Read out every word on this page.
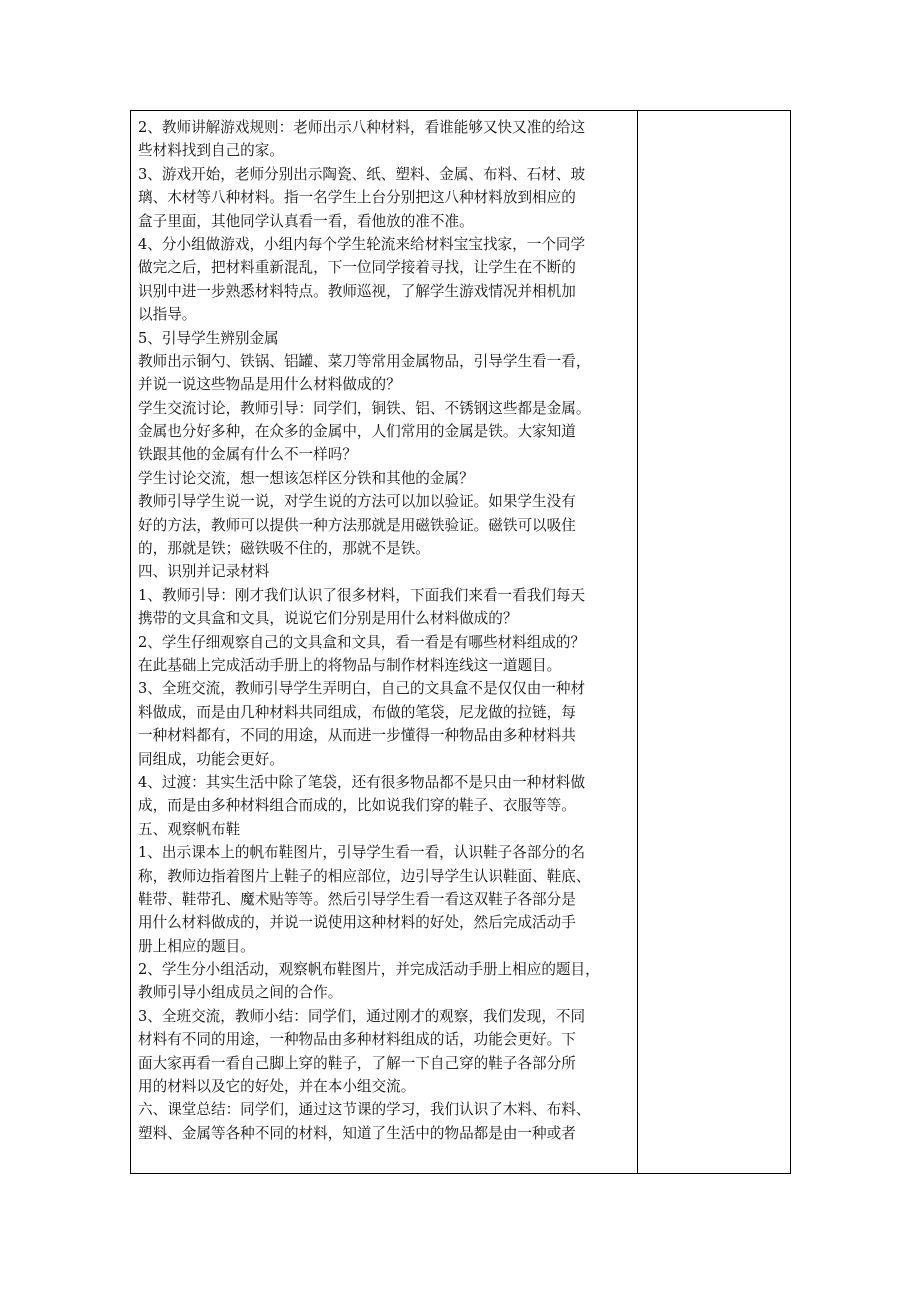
2、教师讲解游戏规则：老师出示八种材料，看谁能够又快又准的给这
些材料找到自己的家。
3、游戏开始，老师分别出示陶瓷、纸、塑料、金属、布料、石材、玻
璃、木材等八种材料。指一名学生上台分别把这八种材料放到相应的
盒子里面，其他同学认真看一看，看他放的准不准。
4、分小组做游戏，小组内每个学生轮流来给材料宝宝找家，一个同学
做完之后，把材料重新混乱，下一位同学接着寻找，让学生在不断的
识别中进一步熟悉材料特点。教师巡视，了解学生游戏情况并相机加
以指导。
5、引导学生辨别金属
教师出示铜勺、铁锅、铝罐、菜刀等常用金属物品，引导学生看一看，
并说一说这些物品是用什么材料做成的？
学生交流讨论，教师引导：同学们，铜铁、铝、不锈钢这些都是金属。
金属也分好多种，在众多的金属中，人们常用的金属是铁。大家知道
铁跟其他的金属有什么不一样吗？
学生讨论交流，想一想该怎样区分铁和其他的金属？
教师引导学生说一说，对学生说的方法可以加以验证。如果学生没有
好的方法，教师可以提供一种方法那就是用磁铁验证。磁铁可以吸住
的，那就是铁；磁铁吸不住的，那就不是铁。
四、识别并记录材料
1、教师引导：刚才我们认识了很多材料，下面我们来看一看我们每天
携带的文具盒和文具，说说它们分别是用什么材料做成的？
2、学生仔细观察自己的文具盒和文具，看一看是有哪些材料组成的？
在此基础上完成活动手册上的将物品与制作材料连线这一道题目。
3、全班交流，教师引导学生弄明白，自己的文具盒不是仅仅由一种材
料做成，而是由几种材料共同组成，布做的笔袋，尼龙做的拉链，每
一种材料都有，不同的用途，从而进一步懂得一种物品由多种材料共
同组成，功能会更好。
4、过渡：其实生活中除了笔袋，还有很多物品都不是只由一种材料做
成，而是由多种材料组合而成的，比如说我们穿的鞋子、衣服等等。
五、观察帆布鞋
1、出示课本上的帆布鞋图片，引导学生看一看，认识鞋子各部分的名
称，教师边指着图片上鞋子的相应部位，边引导学生认识鞋面、鞋底、
鞋带、鞋带孔、魔术贴等等。然后引导学生看一看这双鞋子各部分是
用什么材料做成的，并说一说使用这种材料的好处，然后完成活动手
册上相应的题目。
2、学生分小组活动，观察帆布鞋图片，并完成活动手册上相应的题目，
教师引导小组成员之间的合作。
3、全班交流，教师小结：同学们，通过刚才的观察，我们发现，不同
材料有不同的用途，一种物品由多种材料组成的话，功能会更好。下
面大家再看一看自己脚上穿的鞋子，了解一下自己穿的鞋子各部分所
用的材料以及它的好处，并在本小组交流。
六、课堂总结：同学们，通过这节课的学习，我们认识了木料、布料、
塑料、金属等各种不同的材料，知道了生活中的物品都是由一种或者
